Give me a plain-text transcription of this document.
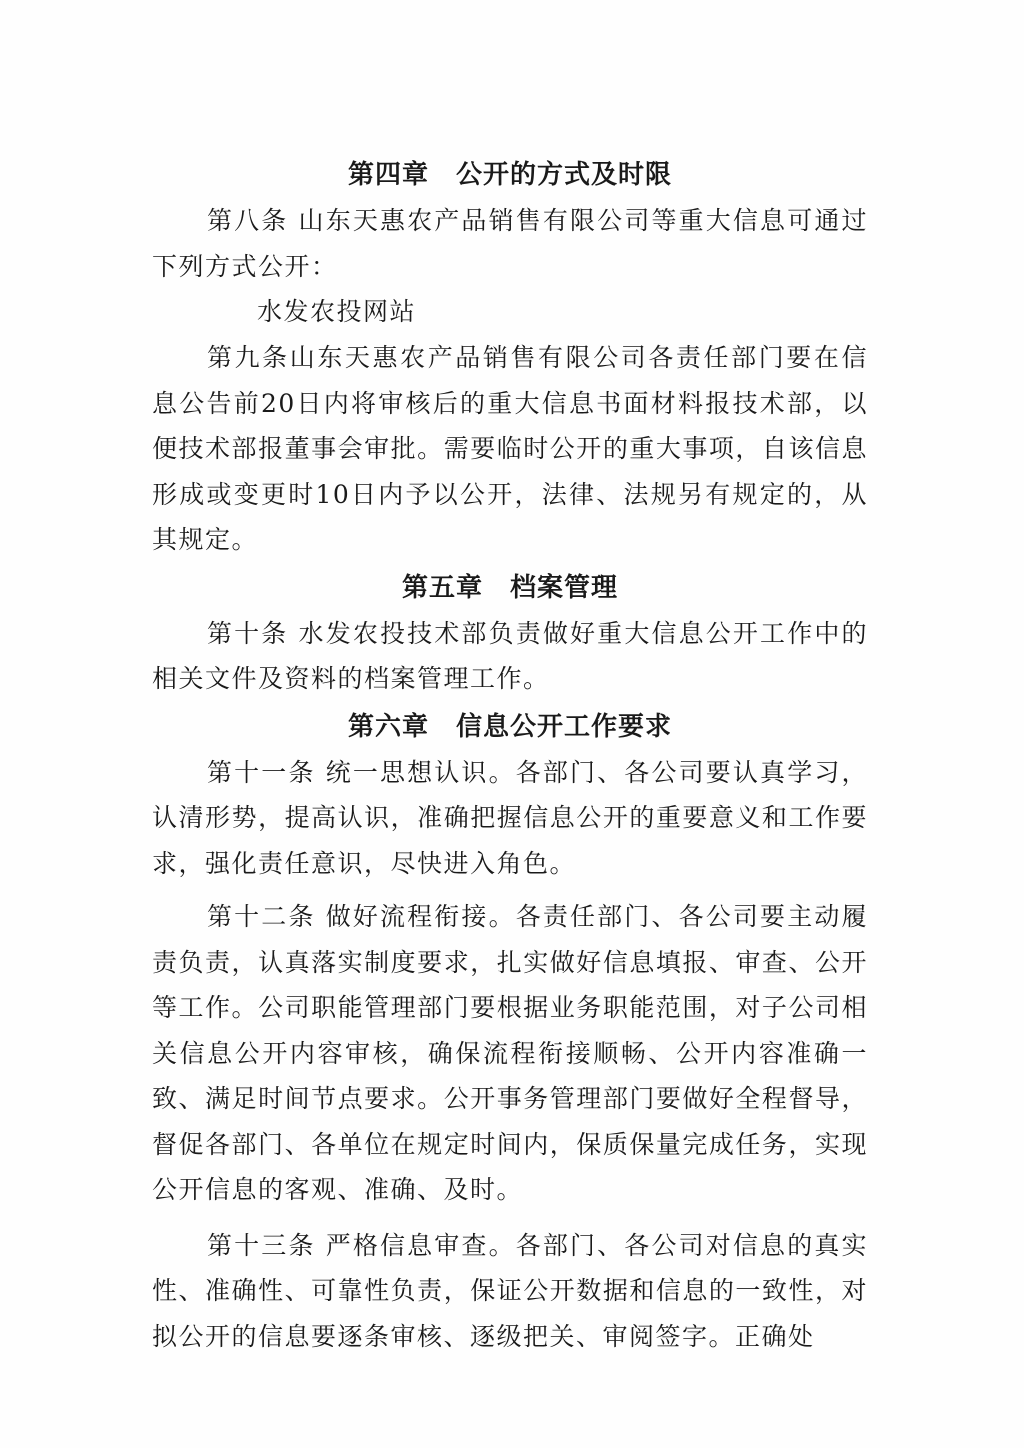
第四章　公开的方式及时限

第八条 山东天惠农产品销售有限公司等重大信息可通过下列方式公开：

水发农投网站

第九条山东天惠农产品销售有限公司各责任部门要在信息公告前20日内将审核后的重大信息书面材料报技术部，以便技术部报董事会审批。需要临时公开的重大事项，自该信息形成或变更时10日内予以公开，法律、法规另有规定的，从其规定。

第五章　档案管理

第十条 水发农投技术部负责做好重大信息公开工作中的相关文件及资料的档案管理工作。

第六章　信息公开工作要求

第十一条 统一思想认识。各部门、各公司要认真学习，认清形势，提高认识，准确把握信息公开的重要意义和工作要求，强化责任意识，尽快进入角色。

第十二条 做好流程衔接。各责任部门、各公司要主动履责负责，认真落实制度要求，扎实做好信息填报、审查、公开等工作。公司职能管理部门要根据业务职能范围，对子公司相关信息公开内容审核，确保流程衔接顺畅、公开内容准确一致、满足时间节点要求。公开事务管理部门要做好全程督导，督促各部门、各单位在规定时间内，保质保量完成任务，实现公开信息的客观、准确、及时。

第十三条 严格信息审查。各部门、各公司对信息的真实性、准确性、可靠性负责，保证公开数据和信息的一致性，对拟公开的信息要逐条审核、逐级把关、审阅签字。正确处
